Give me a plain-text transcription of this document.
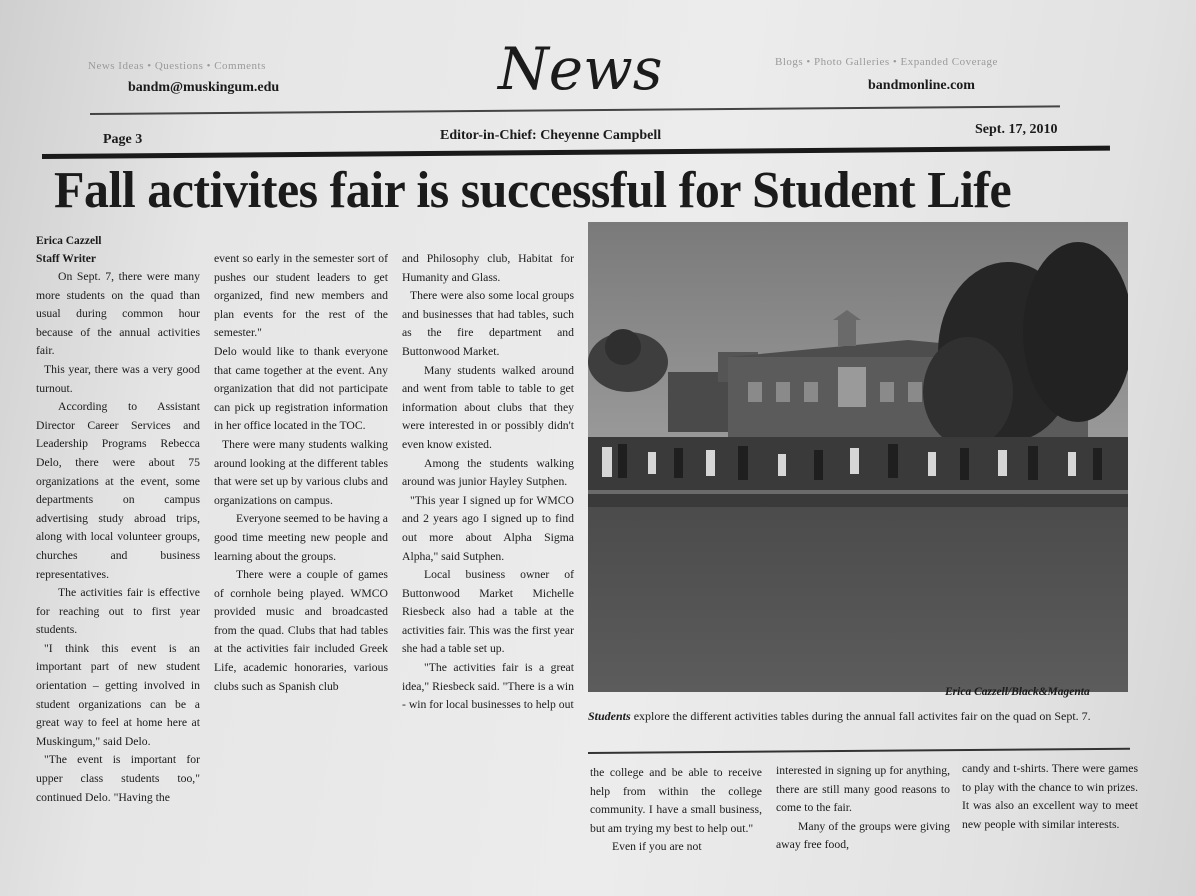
News Ideas • Questions • Comments
bandm@muskingum.edu	News	Blogs • Photo Galleries • Expanded Coverage
bandmonline.com
Page 3	Editor-in-Chief: Cheyenne Campbell	Sept. 17, 2010
Fall activites fair is successful for Student Life
Erica Cazzell
Staff Writer

On Sept. 7, there were many more students on the quad than usual during common hour because of the annual activities fair.

This year, there was a very good turnout.

According to Assistant Director Career Services and Leadership Programs Rebecca Delo, there were about 75 organizations at the event, some departments on campus advertising study abroad trips, along with local volunteer groups, churches and business representatives.

The activities fair is effective for reaching out to first year students.

"I think this event is an important part of new student orientation – getting involved in student organizations can be a great way to feel at home here at Muskingum," said Delo.

"The event is important for upper class students too," continued Delo. "Having the

event so early in the semester sort of pushes our student leaders to get organized, find new members and plan events for the rest of the semester."

Delo would like to thank everyone that came together at the event. Any organization that did not participate can pick up registration information in her office located in the TOC.

There were many students walking around looking at the different tables that were set up by various clubs and organizations on campus.

Everyone seemed to be having a good time meeting new people and learning about the groups.

There were a couple of games of cornhole being played. WMCO provided music and broadcasted from the quad. Clubs that had tables at the activities fair included Greek Life, academic honoraries, various clubs such as Spanish club

and Philosophy club, Habitat for Humanity and Glass.

There were also some local groups and businesses that had tables, such as the fire department and Buttonwood Market.

Many students walked around and went from table to table to get information about clubs that they were interested in or possibly didn't even know existed.

Among the students walking around was junior Hayley Sutphen.

"This year I signed up for WMCO and 2 years ago I signed up to find out more about Alpha Sigma Alpha," said Sutphen.

Local business owner of Buttonwood Market Michelle Riesbeck also had a table at the activities fair. This was the first year she had a table set up.

"The activities fair is a great idea," Riesbeck said. "There is a win - win for local businesses to help out

Erica Cazzell/Black&Magenta
Students explore the different activities tables during the annual fall activites fair on the quad on Sept. 7.

the college and be able to receive help from within the college community. I have a small business, but am trying my best to help out."

Even if you are not

interested in signing up for anything, there are still many good reasons to come to the fair.

Many of the groups were giving away free food,

candy and t-shirts. There were games to play with the chance to win prizes. It was also an excellent way to meet new people with similar interests.
